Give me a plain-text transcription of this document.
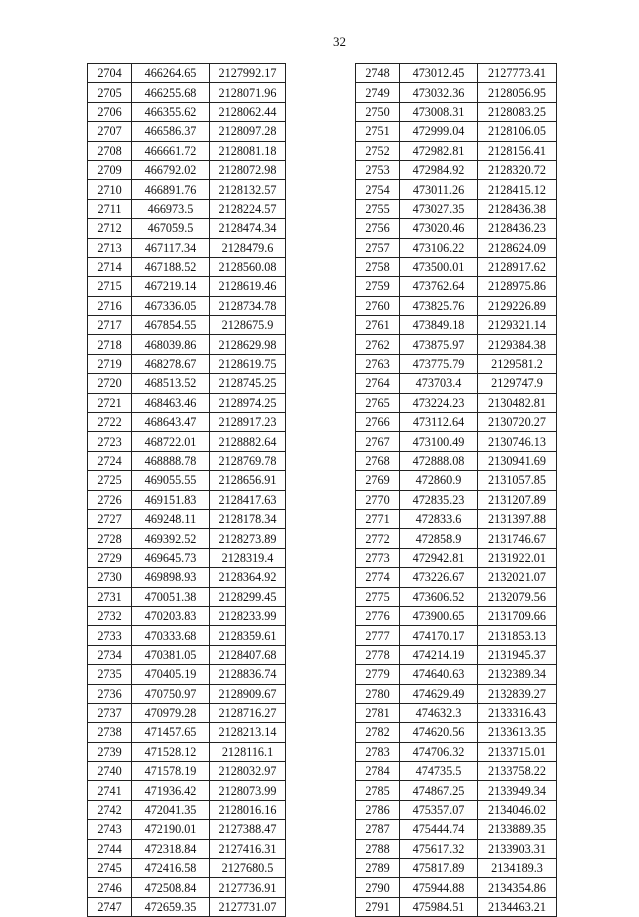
32
2704	466264.65	2127992.17
2705	466255.68	2128071.96
2706	466355.62	2128062.44
2707	466586.37	2128097.28
2708	466661.72	2128081.18
2709	466792.02	2128072.98
2710	466891.76	2128132.57
2711	466973.5	2128224.57
2712	467059.5	2128474.34
2713	467117.34	2128479.6
2714	467188.52	2128560.08
2715	467219.14	2128619.46
2716	467336.05	2128734.78
2717	467854.55	2128675.9
2718	468039.86	2128629.98
2719	468278.67	2128619.75
2720	468513.52	2128745.25
2721	468463.46	2128974.25
2722	468643.47	2128917.23
2723	468722.01	2128882.64
2724	468888.78	2128769.78
2725	469055.55	2128656.91
2726	469151.83	2128417.63
2727	469248.11	2128178.34
2728	469392.52	2128273.89
2729	469645.73	2128319.4
2730	469898.93	2128364.92
2731	470051.38	2128299.45
2732	470203.83	2128233.99
2733	470333.68	2128359.61
2734	470381.05	2128407.68
2735	470405.19	2128836.74
2736	470750.97	2128909.67
2737	470979.28	2128716.27
2738	471457.65	2128213.14
2739	471528.12	2128116.1
2740	471578.19	2128032.97
2741	471936.42	2128073.99
2742	472041.35	2128016.16
2743	472190.01	2127388.47
2744	472318.84	2127416.31
2745	472416.58	2127680.5
2746	472508.84	2127736.91
2747	472659.35	2127731.07
2748	473012.45	2127773.41
2749	473032.36	2128056.95
2750	473008.31	2128083.25
2751	472999.04	2128106.05
2752	472982.81	2128156.41
2753	472984.92	2128320.72
2754	473011.26	2128415.12
2755	473027.35	2128436.38
2756	473020.46	2128436.23
2757	473106.22	2128624.09
2758	473500.01	2128917.62
2759	473762.64	2128975.86
2760	473825.76	2129226.89
2761	473849.18	2129321.14
2762	473875.97	2129384.38
2763	473775.79	2129581.2
2764	473703.4	2129747.9
2765	473224.23	2130482.81
2766	473112.64	2130720.27
2767	473100.49	2130746.13
2768	472888.08	2130941.69
2769	472860.9	2131057.85
2770	472835.23	2131207.89
2771	472833.6	2131397.88
2772	472858.9	2131746.67
2773	472942.81	2131922.01
2774	473226.67	2132021.07
2775	473606.52	2132079.56
2776	473900.65	2131709.66
2777	474170.17	2131853.13
2778	474214.19	2131945.37
2779	474640.63	2132389.34
2780	474629.49	2132839.27
2781	474632.3	2133316.43
2782	474620.56	2133613.35
2783	474706.32	2133715.01
2784	474735.5	2133758.22
2785	474867.25	2133949.34
2786	475357.07	2134046.02
2787	475444.74	2133889.35
2788	475617.32	2133903.31
2789	475817.89	2134189.3
2790	475944.88	2134354.86
2791	475984.51	2134463.21
